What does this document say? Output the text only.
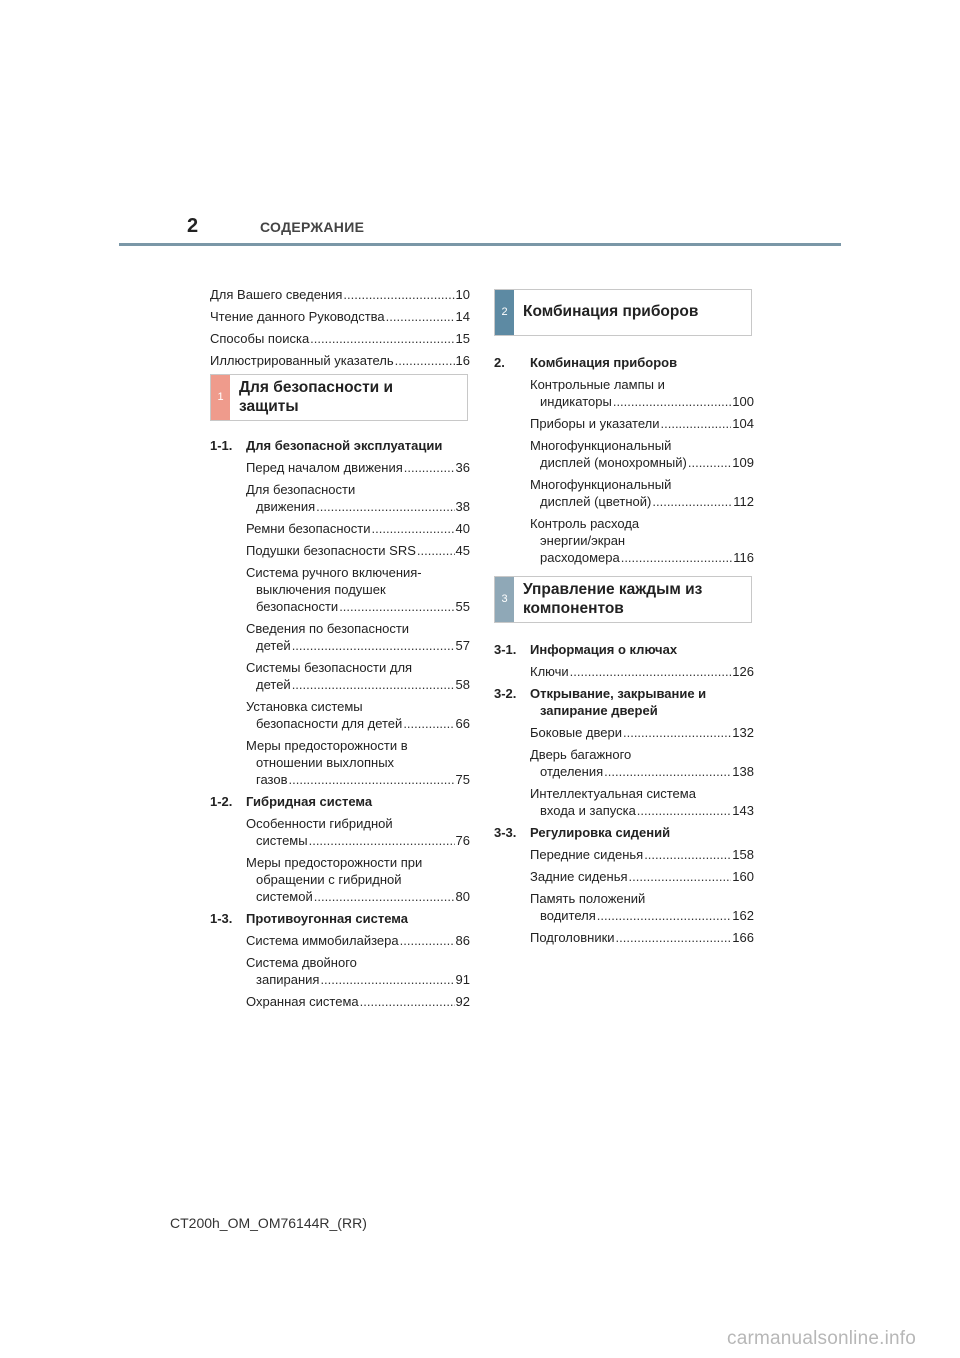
2	СОДЕРЖАНИЕ
Для Вашего сведения .....	10
Чтение данного Руководства .....	14
Способы поиска .....	15
Иллюстрированный указатель .....	16
1
Для безопасности и
защиты
1-1.	Для безопасной эксплуатации
Перед началом движения .....	36
Для безопасности
движения .....	38
Ремни безопасности .....	40
Подушки безопасности SRS .....	45
Система ручного включения-
выключения подушек
безопасности .....	55
Сведения по безопасности
детей .....	57
Системы безопасности для
детей .....	58
Установка системы
безопасности для детей .....	66
Меры предосторожности в
отношении выхлопных
газов .....	75
1-2.	Гибридная система
Особенности гибридной
системы .....	76
Меры предосторожности при
обращении с гибридной
системой .....	80
1-3.	Противоугонная система
Система иммобилайзера .....	86
Система двойного
запирания .....	91
Охранная система .....	92
2 Комбинация приборов
2.	Комбинация приборов
Контрольные лампы и
индикаторы .....	100
Приборы и указатели .....	104
Многофункциональный
дисплей (монохромный) .....	109
Многофункциональный
дисплей (цветной) .....	112
Контроль расхода
энергии/экран
расходомера .....	116
3
Управление каждым из
компонентов
3-1.	Информация о ключах
Ключи .....	126
3-2.	Открывание, закрывание и
запирание дверей
Боковые двери .....	132
Дверь багажного
отделения .....	138
Интеллектуальная система
входа и запуска .....	143
3-3.	Регулировка сидений
Передние сиденья .....	158
Задние сиденья .....	160
Память положений
водителя .....	162
Подголовники .....	166
CT200h_OM_OM76144R_(RR)
carmanualsonline.info
